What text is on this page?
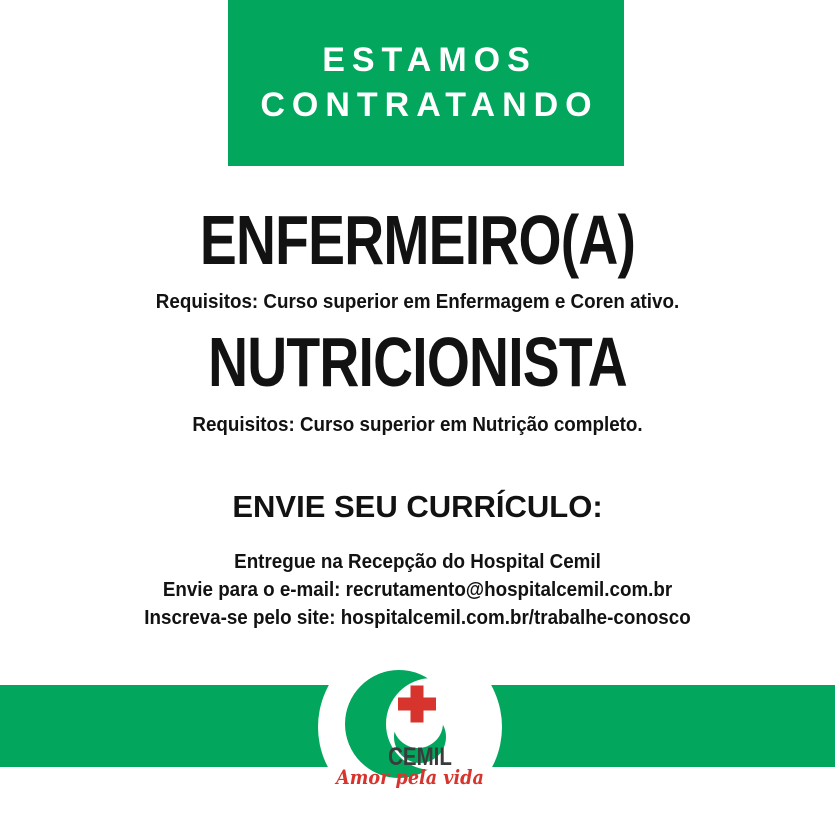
ESTAMOS
CONTRATANDO
ENFERMEIRO(A)
Requisitos: Curso superior em Enfermagem e Coren ativo.
NUTRICIONISTA
Requisitos: Curso superior em Nutrição completo.
ENVIE SEU CURRÍCULO:
Entregue na Recepção do Hospital Cemil
Envie para o e-mail: recrutamento@hospitalcemil.com.br
Inscreva-se pelo site: hospitalcemil.com.br/trabalhe-conosco
CEMIL
Amor pela vida
